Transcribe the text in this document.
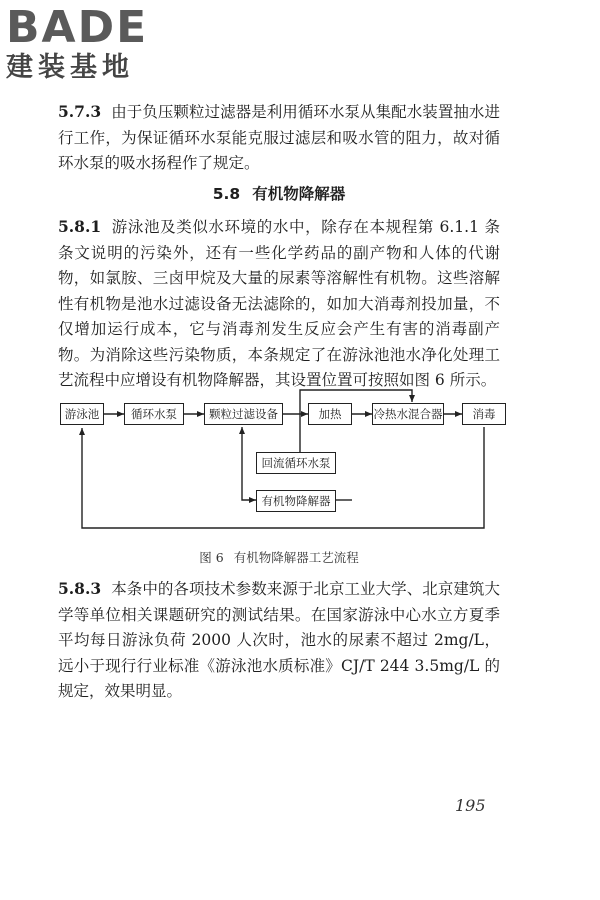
BADE
建装基地
5.7.3 由于负压颗粒过滤器是利用循环水泵从集配水装置抽水进行工作，为保证循环水泵能克服过滤层和吸水管的阻力，故对循环水泵的吸水扬程作了规定。
5.8 有机物降解器
5.8.1 游泳池及类似水环境的水中，除存在本规程第 6.1.1 条条文说明的污染外，还有一些化学药品的副产物和人体的代谢物，如氯胺、三卤甲烷及大量的尿素等溶解性有机物。这些溶解性有机物是池水过滤设备无法滤除的，如加大消毒剂投加量，不仅增加运行成本，它与消毒剂发生反应会产生有害的消毒副产物。为消除这些污染物质，本条规定了在游泳池池水净化处理工艺流程中应增设有机物降解器，其设置位置可按照如图 6 所示。
游泳池	循环水泵	颗粒过滤设备	加热	冷热水混合器	消毒
回流循环水泵
有机物降解器
图 6 有机物降解器工艺流程
5.8.3 本条中的各项技术参数来源于北京工业大学、北京建筑大学等单位相关课题研究的测试结果。在国家游泳中心水立方夏季平均每日游泳负荷 2000 人次时，池水的尿素不超过 2mg/L，远小于现行行业标准《游泳池水质标准》CJ/T 244 3.5mg/L 的规定，效果明显。
195
